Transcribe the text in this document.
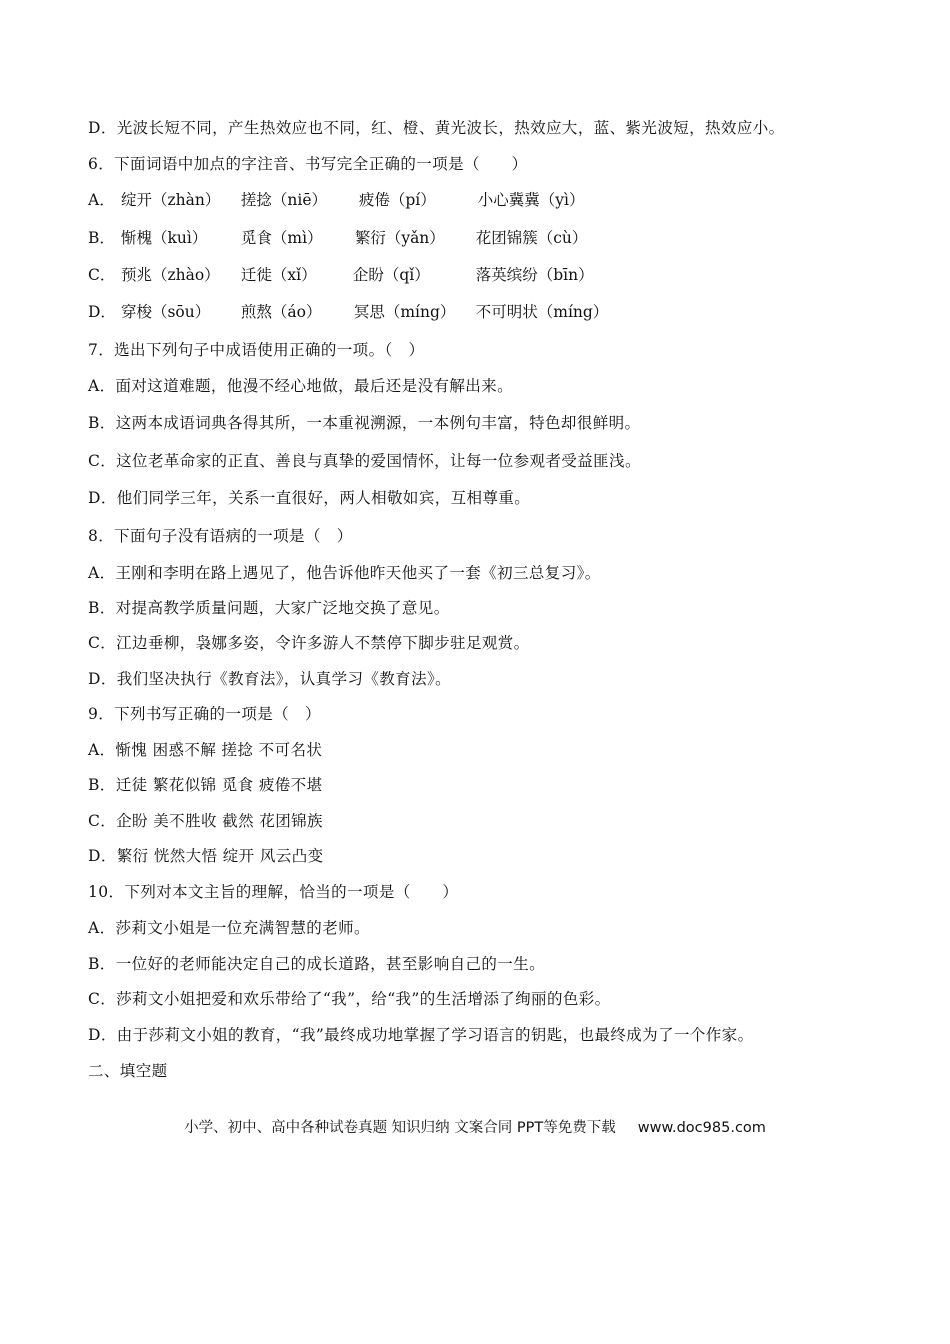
D．光波长短不同，产生热效应也不同，红、橙、黄光波长，热效应大，蓝、紫光波短，热效应小。
6．下面词语中加点的字注音、书写完全正确的一项是（　　）
A． 绽开（zhàn） 搓捻（niē） 疲倦（pí）	小心冀冀（yì）
B． 惭槐（kuì） 觅食（mì） 繁衍（yǎn） 花团锦簇（cù）
C． 预兆（zhào） 迁徙（xǐ） 企盼（qǐ）	落英缤纷（bīn）
D． 穿梭（sōu） 煎熬（áo） 冥思（míng） 不可明状（míng）
7．选出下列句子中成语使用正确的一项。（　）
A．面对这道难题，他漫不经心地做，最后还是没有解出来。
B．这两本成语词典各得其所，一本重视溯源，一本例句丰富，特色却很鲜明。
C．这位老革命家的正直、善良与真挚的爱国情怀，让每一位参观者受益匪浅。
D．他们同学三年，关系一直很好，两人相敬如宾，互相尊重。
8．下面句子没有语病的一项是（　）
A．王刚和李明在路上遇见了，他告诉他昨天他买了一套《初三总复习》。
B．对提高教学质量问题，大家广泛地交换了意见。
C．江边垂柳，袅娜多姿，令许多游人不禁停下脚步驻足观赏。
D．我们坚决执行《教育法》，认真学习《教育法》。
9．下列书写正确的一项是（　）
A．惭愧 困惑不解 搓捻 不可名状
B．迁徒 繁花似锦 觅食 疲倦不堪
C．企盼 美不胜收 截然 花团锦族
D．繁衍 恍然大悟 绽开 风云凸变
10．下列对本文主旨的理解，恰当的一项是（　　）
A．莎莉文小姐是一位充满智慧的老师。
B．一位好的老师能决定自己的成长道路，甚至影响自己的一生。
C．莎莉文小姐把爱和欢乐带给了“我”，给“我”的生活增添了绚丽的色彩。
D．由于莎莉文小姐的教育，“我”最终成功地掌握了学习语言的钥匙，也最终成为了一个作家。
二、填空题
小学、初中、高中各种试卷真题 知识归纳 文案合同 PPT等免费下载 www.doc985.com
